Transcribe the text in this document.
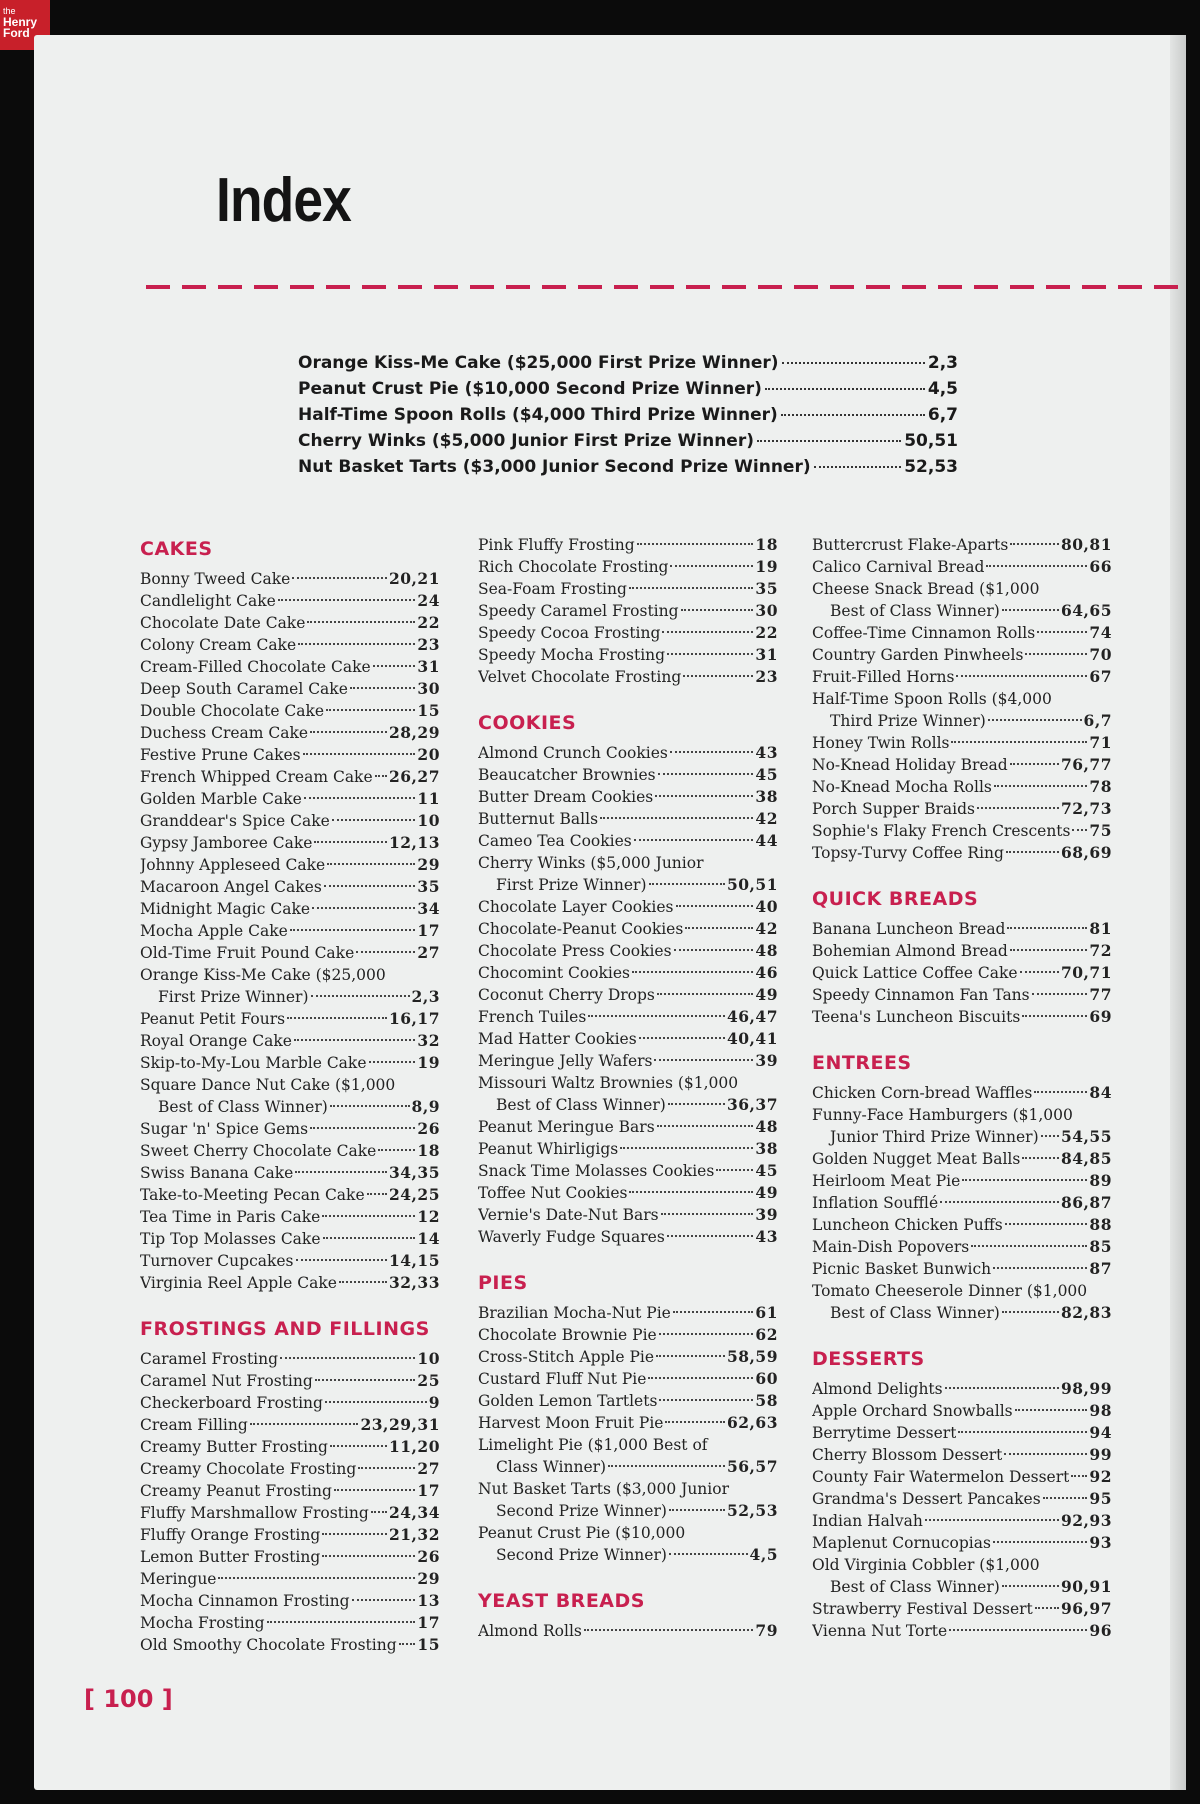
the
Henry
Ford
Index
Orange Kiss-Me Cake ($25,000 First Prize Winner)	2,3
Peanut Crust Pie ($10,000 Second Prize Winner)	4,5
Half-Time Spoon Rolls ($4,000 Third Prize Winner)	6,7
Cherry Winks ($5,000 Junior First Prize Winner)	50,51
Nut Basket Tarts ($3,000 Junior Second Prize Winner)	52,53
CAKES
Bonny Tweed Cake	20,21
Candlelight Cake	24
Chocolate Date Cake	22
Colony Cream Cake	23
Cream-Filled Chocolate Cake	31
Deep South Caramel Cake	30
Double Chocolate Cake	15
Duchess Cream Cake	28,29
Festive Prune Cakes	20
French Whipped Cream Cake 26,27
Golden Marble Cake	11
Granddear's Spice Cake	10
Gypsy Jamboree Cake	12,13
Johnny Appleseed Cake	29
Macaroon Angel Cakes	35
Midnight Magic Cake	34
Mocha Apple Cake	17
Old-Time Fruit Pound Cake	27
Orange Kiss-Me Cake ($25,000
First Prize Winner)	2,3
Peanut Petit Fours	16,17
Royal Orange Cake	32
Skip-to-My-Lou Marble Cake	19
Square Dance Nut Cake ($1,000
Best of Class Winner)	8,9
Sugar 'n' Spice Gems	26
Sweet Cherry Chocolate Cake	18
Swiss Banana Cake	34,35
Take-to-Meeting Pecan Cake 24,25
Tea Time in Paris Cake	12
Tip Top Molasses Cake	14
Turnover Cupcakes	14,15
Virginia Reel Apple Cake	32,33
FROSTINGS AND FILLINGS
Caramel Frosting	10
Caramel Nut Frosting	25
Checkerboard Frosting	9
Cream Filling	23,29,31
Creamy Butter Frosting	11,20
Creamy Chocolate Frosting	27
Creamy Peanut Frosting	17
Fluffy Marshmallow Frosting 24,34
Fluffy Orange Frosting	21,32
Lemon Butter Frosting	26
Meringue	29
Mocha Cinnamon Frosting	13
Mocha Frosting	17
Old Smoothy Chocolate Frosting 15
Pink Fluffy Frosting	18
Rich Chocolate Frosting	19
Sea-Foam Frosting	35
Speedy Caramel Frosting	30
Speedy Cocoa Frosting	22
Speedy Mocha Frosting	31
Velvet Chocolate Frosting	23
COOKIES
Almond Crunch Cookies	43
Beaucatcher Brownies	45
Butter Dream Cookies	38
Butternut Balls	42
Cameo Tea Cookies	44
Cherry Winks ($5,000 Junior
First Prize Winner)	50,51
Chocolate Layer Cookies	40
Chocolate-Peanut Cookies	42
Chocolate Press Cookies	48
Chocomint Cookies	46
Coconut Cherry Drops	49
French Tuiles	46,47
Mad Hatter Cookies	40,41
Meringue Jelly Wafers	39
Missouri Waltz Brownies ($1,000
Best of Class Winner)	36,37
Peanut Meringue Bars	48
Peanut Whirligigs	38
Snack Time Molasses Cookies	45
Toffee Nut Cookies	49
Vernie's Date-Nut Bars	39
Waverly Fudge Squares	43
PIES
Brazilian Mocha-Nut Pie	61
Chocolate Brownie Pie	62
Cross-Stitch Apple Pie	58,59
Custard Fluff Nut Pie	60
Golden Lemon Tartlets	58
Harvest Moon Fruit Pie	62,63
Limelight Pie ($1,000 Best of
Class Winner)	56,57
Nut Basket Tarts ($3,000 Junior
Second Prize Winner)	52,53
Peanut Crust Pie ($10,000
Second Prize Winner)	4,5
YEAST BREADS
Almond Rolls	79
Buttercrust Flake-Aparts	80,81
Calico Carnival Bread	66
Cheese Snack Bread ($1,000
Best of Class Winner)	64,65
Coffee-Time Cinnamon Rolls	74
Country Garden Pinwheels	70
Fruit-Filled Horns	67
Half-Time Spoon Rolls ($4,000
Third Prize Winner)	6,7
Honey Twin Rolls	71
No-Knead Holiday Bread	76,77
No-Knead Mocha Rolls	78
Porch Supper Braids	72,73
Sophie's Flaky French Crescents 75
Topsy-Turvy Coffee Ring	68,69
QUICK BREADS
Banana Luncheon Bread	81
Bohemian Almond Bread	72
Quick Lattice Coffee Cake	70,71
Speedy Cinnamon Fan Tans	77
Teena's Luncheon Biscuits	69
ENTREES
Chicken Corn-bread Waffles	84
Funny-Face Hamburgers ($1,000
Junior Third Prize Winner) 54,55
Golden Nugget Meat Balls	84,85
Heirloom Meat Pie	89
Inflation Soufflé	86,87
Luncheon Chicken Puffs	88
Main-Dish Popovers	85
Picnic Basket Bunwich	87
Tomato Cheeserole Dinner ($1,000
Best of Class Winner)	82,83
DESSERTS
Almond Delights	98,99
Apple Orchard Snowballs	98
Berrytime Dessert	94
Cherry Blossom Dessert	99
County Fair Watermelon Dessert 92
Grandma's Dessert Pancakes	95
Indian Halvah	92,93
Maplenut Cornucopias	93
Old Virginia Cobbler ($1,000
Best of Class Winner)	90,91
Strawberry Festival Dessert 96,97
Vienna Nut Torte	96
[ 100 ]
